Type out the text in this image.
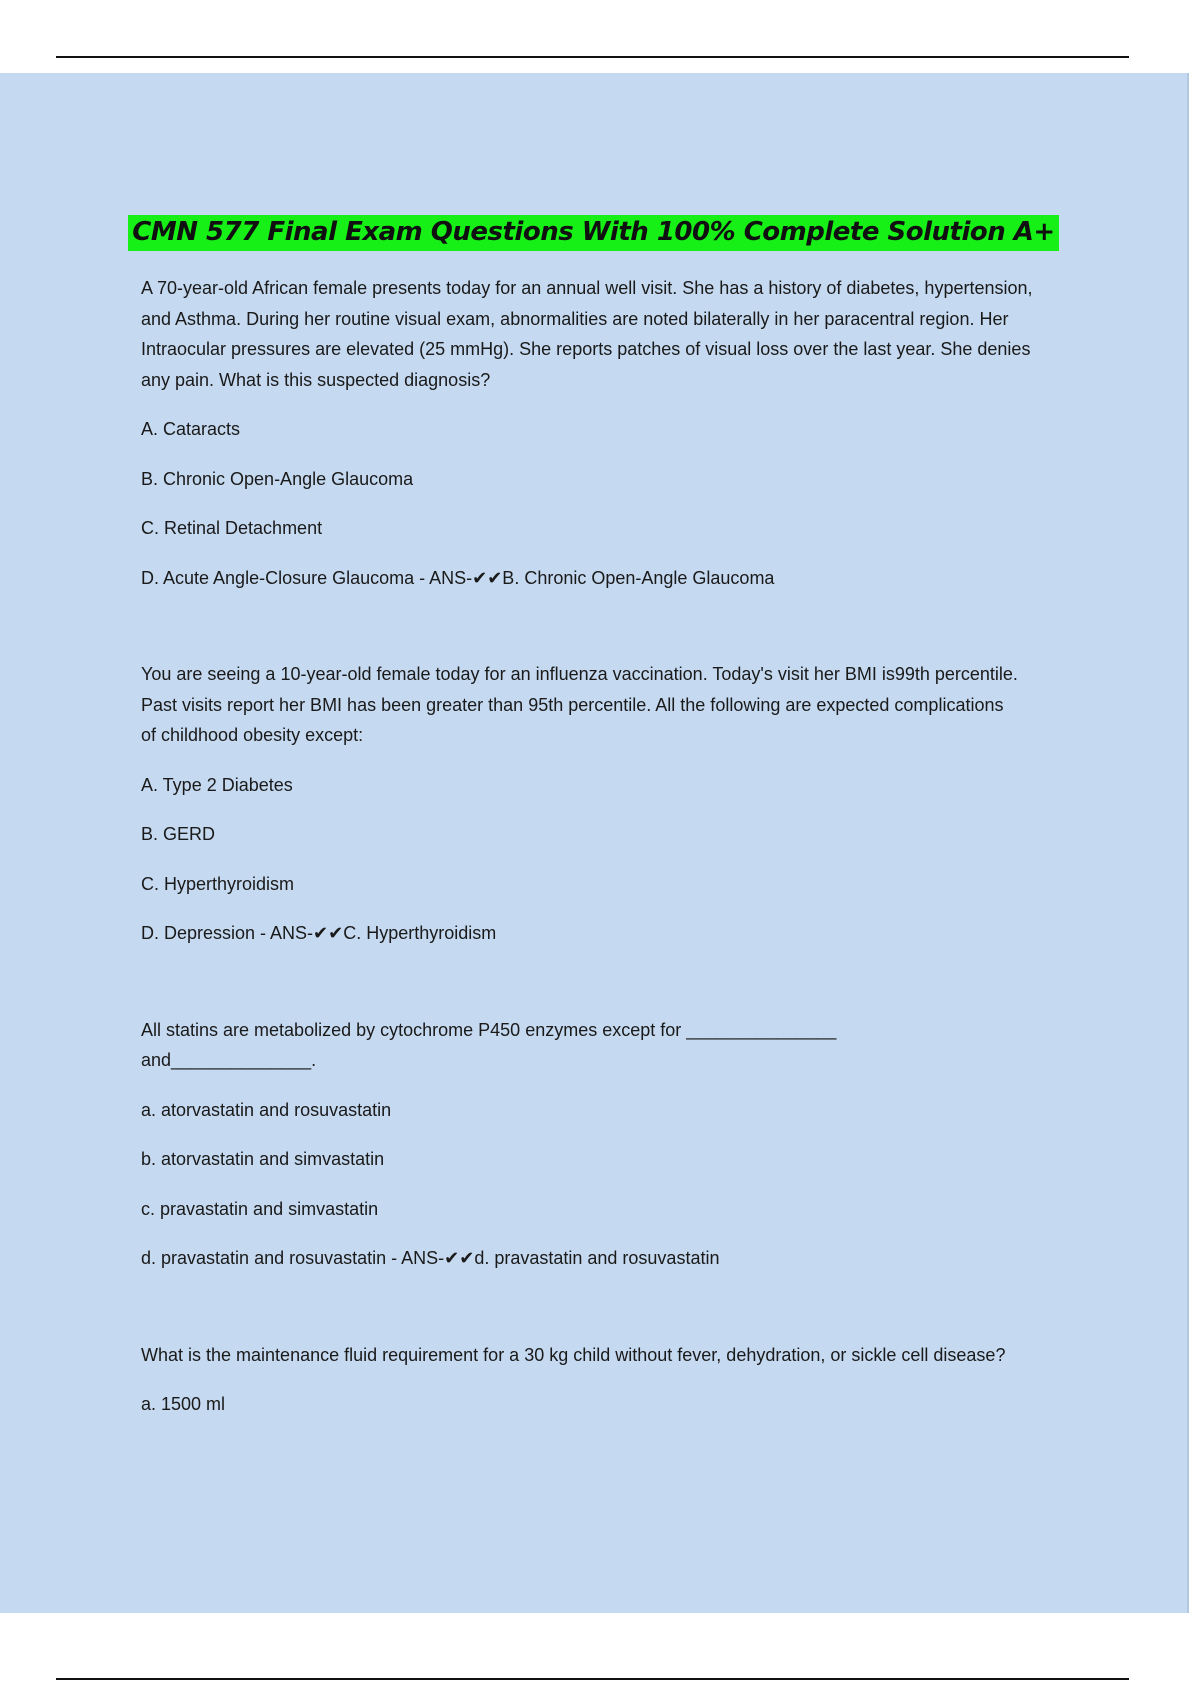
CMN 577 Final Exam Questions With 100% Complete Solution A+

A 70-year-old African female presents today for an annual well visit. She has a history of diabetes, hypertension, and Asthma. During her routine visual exam, abnormalities are noted bilaterally in her paracentral region. Her Intraocular pressures are elevated (25 mmHg). She reports patches of visual loss over the last year. She denies any pain. What is this suspected diagnosis?

A. Cataracts

B. Chronic Open-Angle Glaucoma

C. Retinal Detachment

D. Acute Angle-Closure Glaucoma - ANS-✔✔B. Chronic Open-Angle Glaucoma

You are seeing a 10-year-old female today for an influenza vaccination. Today's visit her BMI is99th percentile. Past visits report her BMI has been greater than 95th percentile. All the following are expected complications of childhood obesity except:

A. Type 2 Diabetes

B. GERD

C. Hyperthyroidism

D. Depression - ANS-✔✔C. Hyperthyroidism

All statins are metabolized by cytochrome P450 enzymes except for _______________ and______________.

a. atorvastatin and rosuvastatin

b. atorvastatin and simvastatin

c. pravastatin and simvastatin

d. pravastatin and rosuvastatin - ANS-✔✔d. pravastatin and rosuvastatin

What is the maintenance fluid requirement for a 30 kg child without fever, dehydration, or sickle cell disease?

a. 1500 ml
